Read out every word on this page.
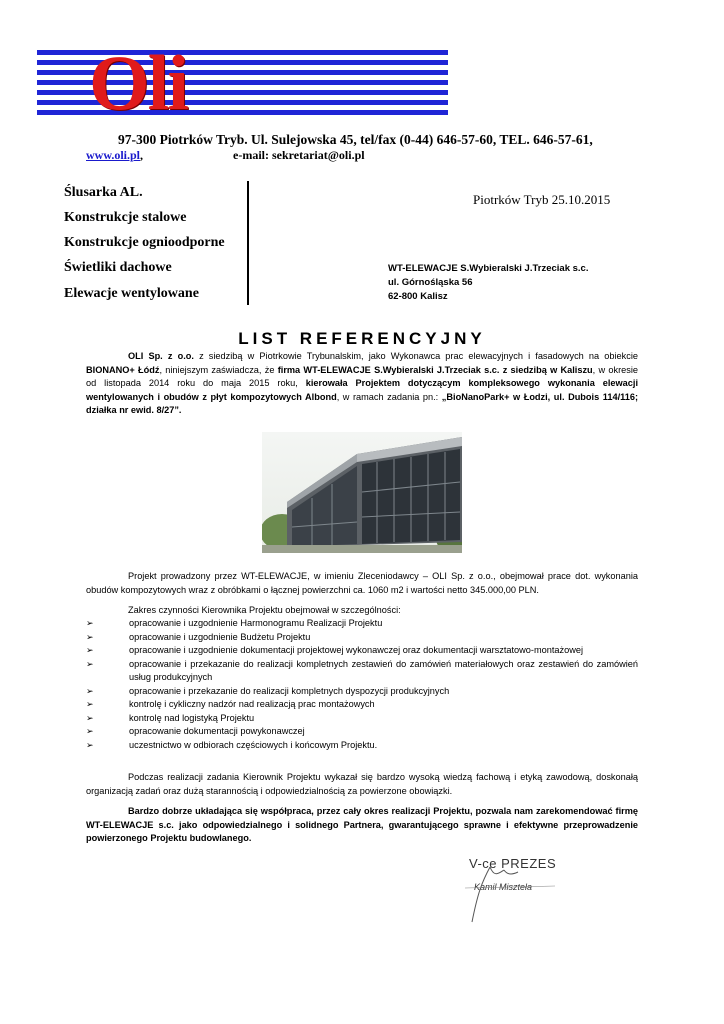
Oli
97-300 Piotrków Tryb. Ul. Sulejowska 45, tel/fax (0-44) 646-57-60, TEL. 646-57-61,
www.oli.pl,	e-mail: sekretariat@oli.pl
Ślusarka AL.
Konstrukcje stalowe
Konstrukcje ognioodporne
Świetliki dachowe
Elewacje wentylowane
Piotrków Tryb 25.10.2015
WT-ELEWACJE S.Wybieralski J.Trzeciak s.c.
ul. Górnośląska 56
62-800 Kalisz
LIST REFERENCYJNY
OLI Sp. z o.o. z siedzibą w Piotrkowie Trybunalskim, jako Wykonawca prac elewacyjnych i fasadowych na obiekcie BIONANO+ Łódź, niniejszym zaświadcza, że firma WT-ELEWACJE S.Wybieralski J.Trzeciak s.c. z siedzibą w Kaliszu, w okresie od listopada 2014 roku do maja 2015 roku, kierowała Projektem dotyczącym kompleksowego wykonania elewacji wentylowanych i obudów z płyt kompozytowych Albond, w ramach zadania pn.: „BioNanoPark+ w Łodzi, ul. Dubois 114/116; działka nr ewid. 8/27”.
Projekt prowadzony przez WT-ELEWACJE, w imieniu Zleceniodawcy – OLI Sp. z o.o., obejmował prace dot. wykonania obudów kompozytowych wraz z obróbkami o łącznej powierzchni ca. 1060 m2 i wartości netto 345.000,00 PLN.
Zakres czynności Kierownika Projektu obejmował w szczególności:
➢	opracowanie i uzgodnienie Harmonogramu Realizacji Projektu
➢	opracowanie i uzgodnienie Budżetu Projektu
➢	opracowanie i uzgodnienie dokumentacji projektowej wykonawczej oraz dokumentacji warsztatowo-montażowej
➢	opracowanie i przekazanie do realizacji kompletnych zestawień do zamówień materiałowych oraz zestawień do zamówień usług produkcyjnych
➢	opracowanie i przekazanie do realizacji kompletnych dyspozycji produkcyjnych
➢	kontrolę i cykliczny nadzór nad realizacją prac montażowych
➢	kontrolę nad logistyką Projektu
➢	opracowanie dokumentacji powykonawczej
➢	uczestnictwo w odbiorach częściowych i końcowym Projektu.
Podczas realizacji zadania Kierownik Projektu wykazał się bardzo wysoką wiedzą fachową i etyką zawodową, doskonałą organizacją zadań oraz dużą starannością i odpowiedzialnością za powierzone obowiązki.
Bardzo dobrze układająca się współpraca, przez cały okres realizacji Projektu, pozwala nam zarekomendować firmę WT-ELEWACJE s.c. jako odpowiedzialnego i solidnego Partnera, gwarantującego sprawne i efektywne przeprowadzenie powierzonego Projektu budowlanego.
V-ce PREZES
Kamil Miszteła
